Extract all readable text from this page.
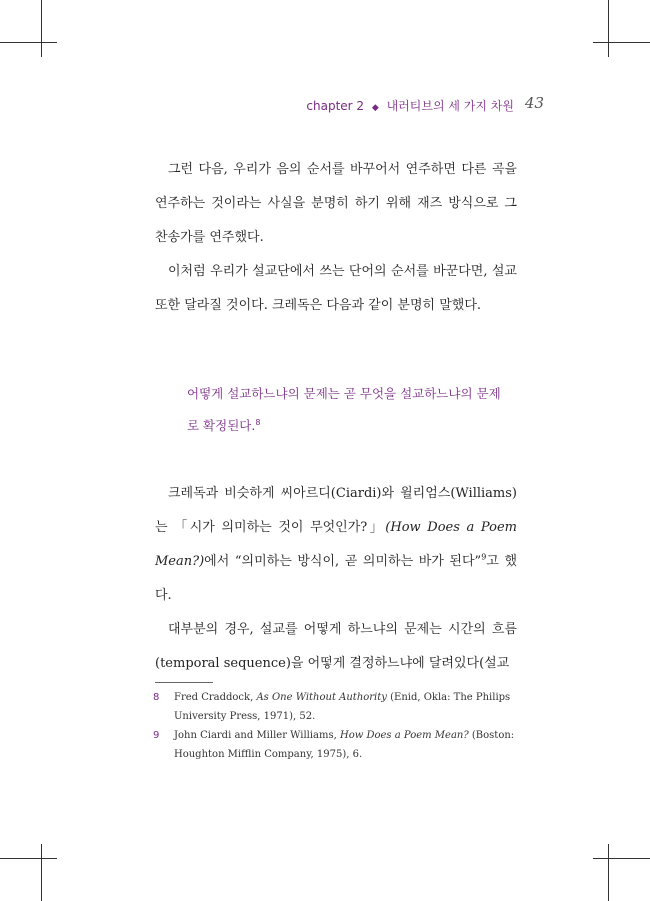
chapter 2 ◆ 내러티브의 세 가지 차원 43

그런 다음, 우리가 음의 순서를 바꾸어서 연주하면 다른 곡을 연주하는 것이라는 사실을 분명히 하기 위해 재즈 방식으로 그 찬송가를 연주했다.

이처럼 우리가 설교단에서 쓰는 단어의 순서를 바꾼다면, 설교 또한 달라질 것이다. 크레독은 다음과 같이 분명히 말했다.

어떻게 설교하느냐의 문제는 곧 무엇을 설교하느냐의 문제로 확정된다.$^8$

크레독과 비슷하게 씨아르디(Ciardi)와 윌리엄스(Williams)는 「시가 의미하는 것이 무엇인가?」(How Does a Poem Mean?)에서 “의미하는 방식이, 곧 의미하는 바가 된다”$^9$고 했다.

대부분의 경우, 설교를 어떻게 하느냐의 문제는 시간의 흐름(temporal sequence)을 어떻게 결정하느냐에 달려있다(설교

8	Fred Craddock, As One Without Authority (Enid, Okla: The Philips University Press, 1971), 52.
9	John Ciardi and Miller Williams, How Does a Poem Mean? (Boston: Houghton Mifflin Company, 1975), 6.
